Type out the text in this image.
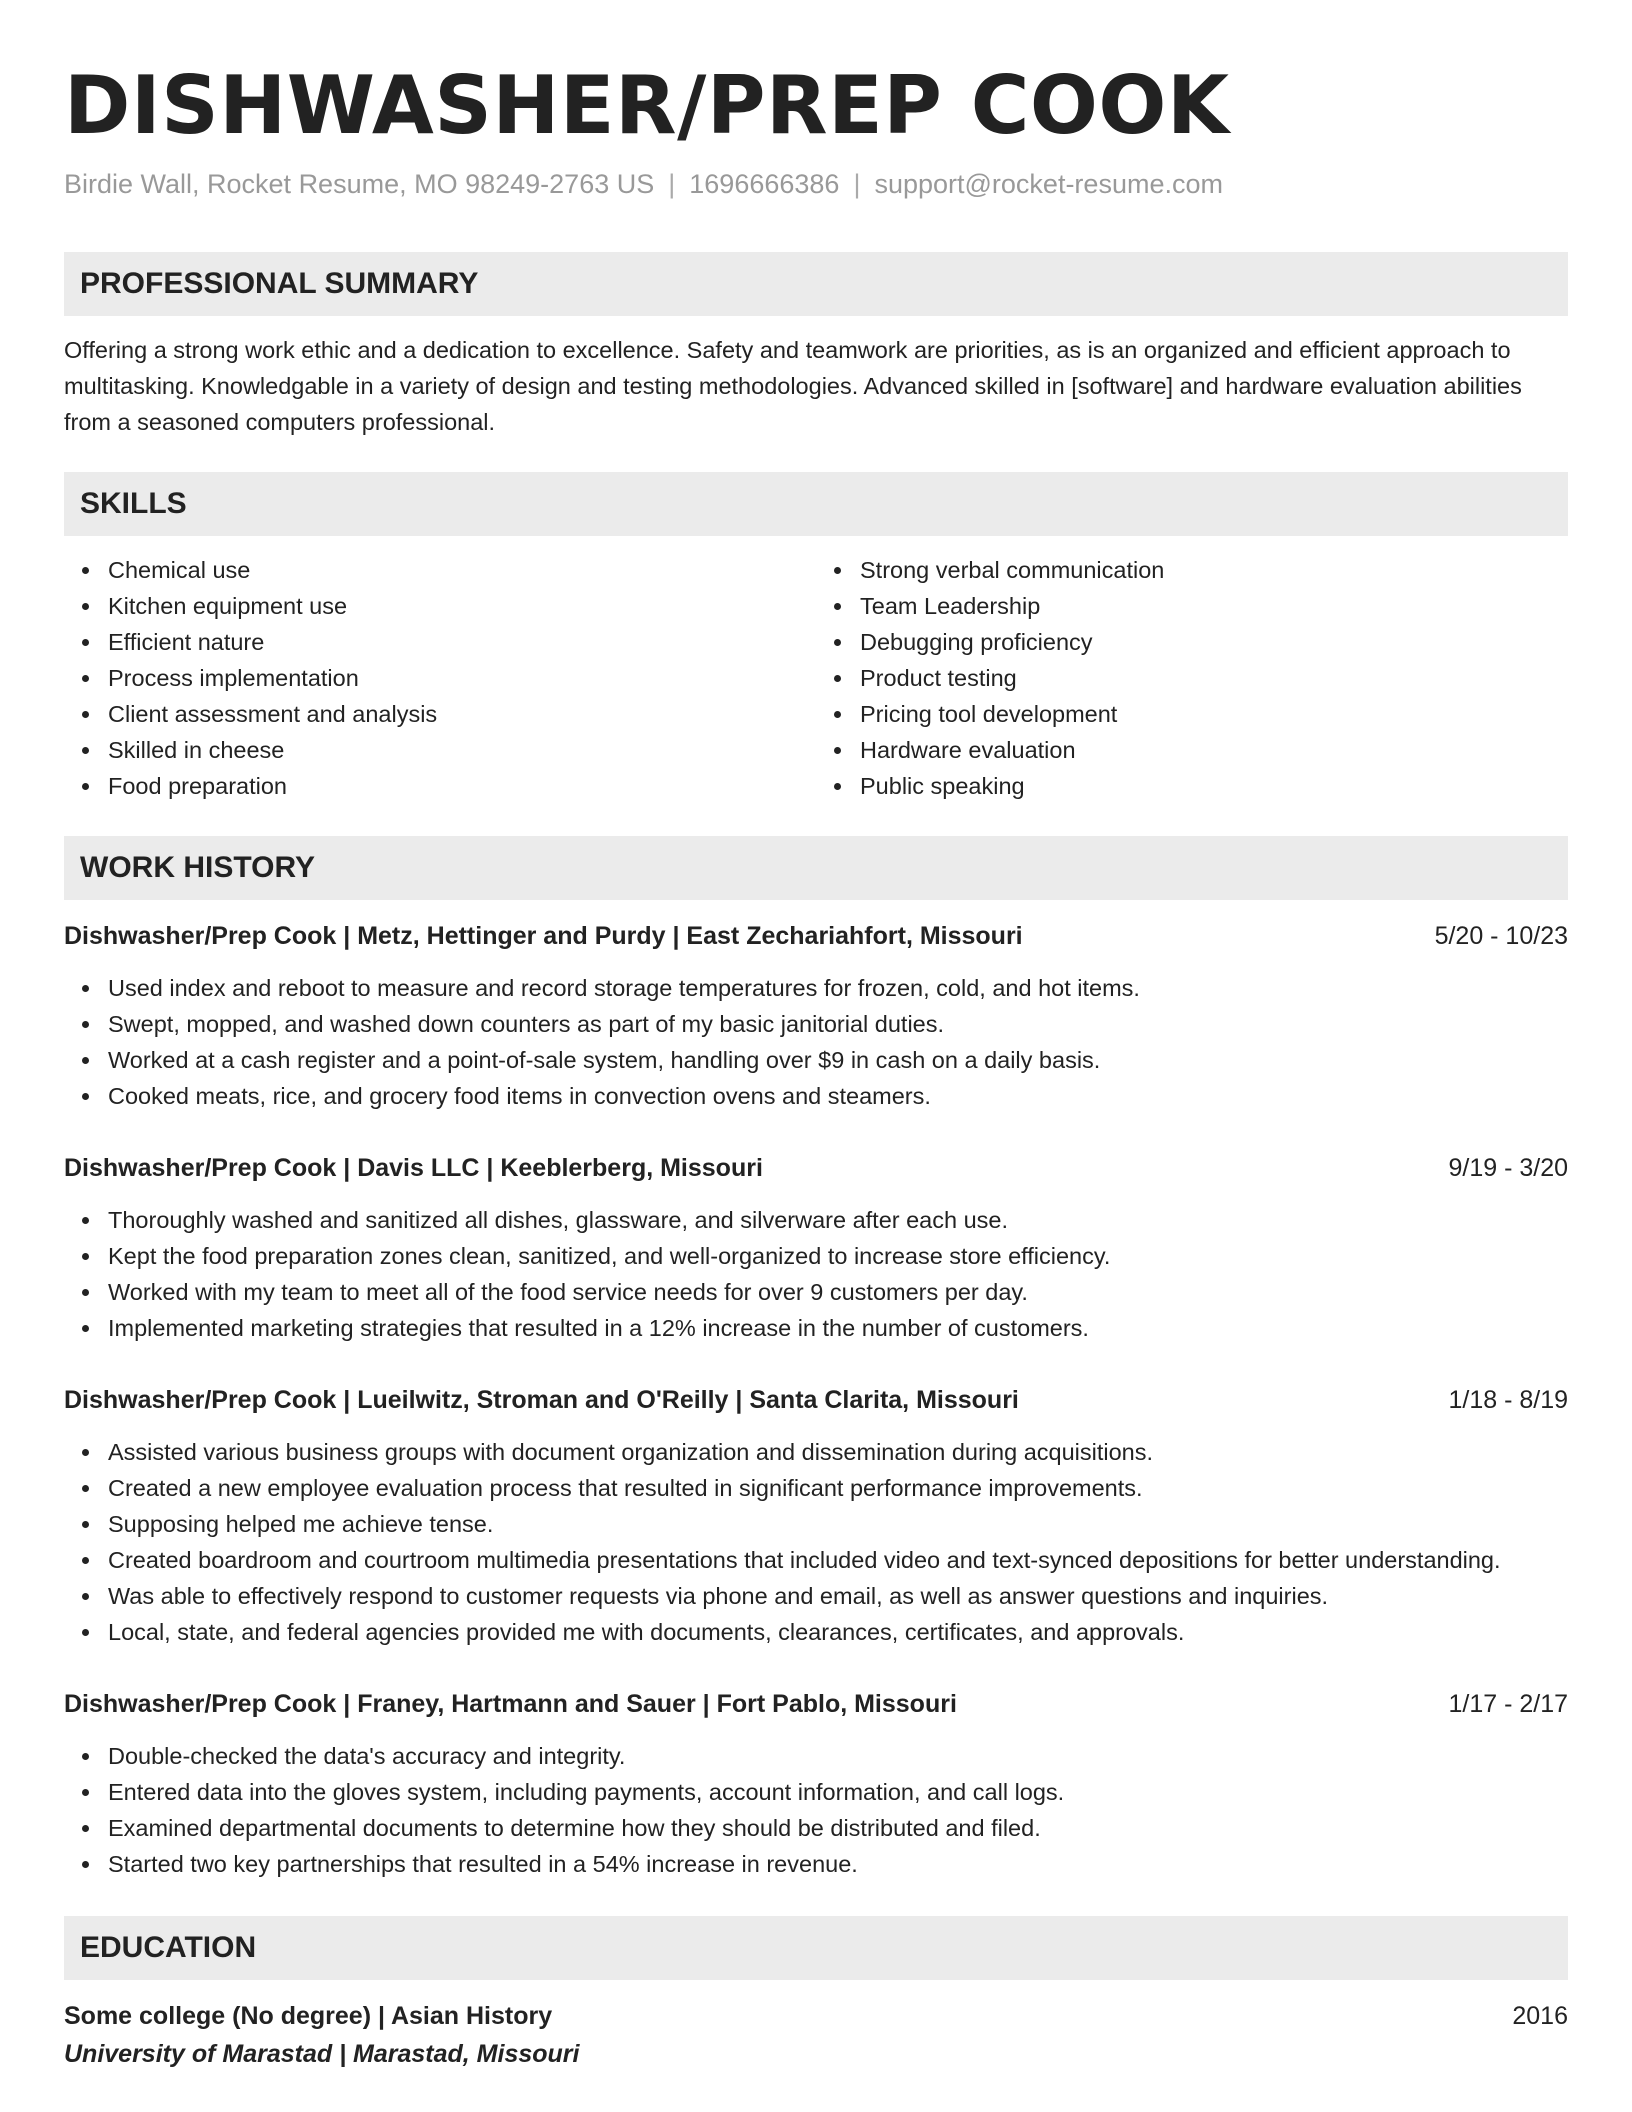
DISHWASHER/PREP COOK
Birdie Wall, Rocket Resume, MO 98249-2763 US | 1696666386 | support@rocket-resume.com
PROFESSIONAL SUMMARY
Offering a strong work ethic and a dedication to excellence. Safety and teamwork are priorities, as is an organized and efficient approach to multitasking. Knowledgable in a variety of design and testing methodologies. Advanced skilled in [software] and hardware evaluation abilities from a seasoned computers professional.
SKILLS
Chemical use
Kitchen equipment use
Efficient nature
Process implementation
Client assessment and analysis
Skilled in cheese
Food preparation
Strong verbal communication
Team Leadership
Debugging proficiency
Product testing
Pricing tool development
Hardware evaluation
Public speaking
WORK HISTORY
Dishwasher/Prep Cook | Metz, Hettinger and Purdy | East Zechariahfort, Missouri	5/20 - 10/23
Used index and reboot to measure and record storage temperatures for frozen, cold, and hot items.
Swept, mopped, and washed down counters as part of my basic janitorial duties.
Worked at a cash register and a point-of-sale system, handling over $9 in cash on a daily basis.
Cooked meats, rice, and grocery food items in convection ovens and steamers.
Dishwasher/Prep Cook | Davis LLC | Keeblerberg, Missouri	9/19 - 3/20
Thoroughly washed and sanitized all dishes, glassware, and silverware after each use.
Kept the food preparation zones clean, sanitized, and well-organized to increase store efficiency.
Worked with my team to meet all of the food service needs for over 9 customers per day.
Implemented marketing strategies that resulted in a 12% increase in the number of customers.
Dishwasher/Prep Cook | Lueilwitz, Stroman and O'Reilly | Santa Clarita, Missouri	1/18 - 8/19
Assisted various business groups with document organization and dissemination during acquisitions.
Created a new employee evaluation process that resulted in significant performance improvements.
Supposing helped me achieve tense.
Created boardroom and courtroom multimedia presentations that included video and text-synced depositions for better understanding.
Was able to effectively respond to customer requests via phone and email, as well as answer questions and inquiries.
Local, state, and federal agencies provided me with documents, clearances, certificates, and approvals.
Dishwasher/Prep Cook | Franey, Hartmann and Sauer | Fort Pablo, Missouri	1/17 - 2/17
Double-checked the data's accuracy and integrity.
Entered data into the gloves system, including payments, account information, and call logs.
Examined departmental documents to determine how they should be distributed and filed.
Started two key partnerships that resulted in a 54% increase in revenue.
EDUCATION
Some college (No degree) | Asian History	2016
University of Marastad | Marastad, Missouri
